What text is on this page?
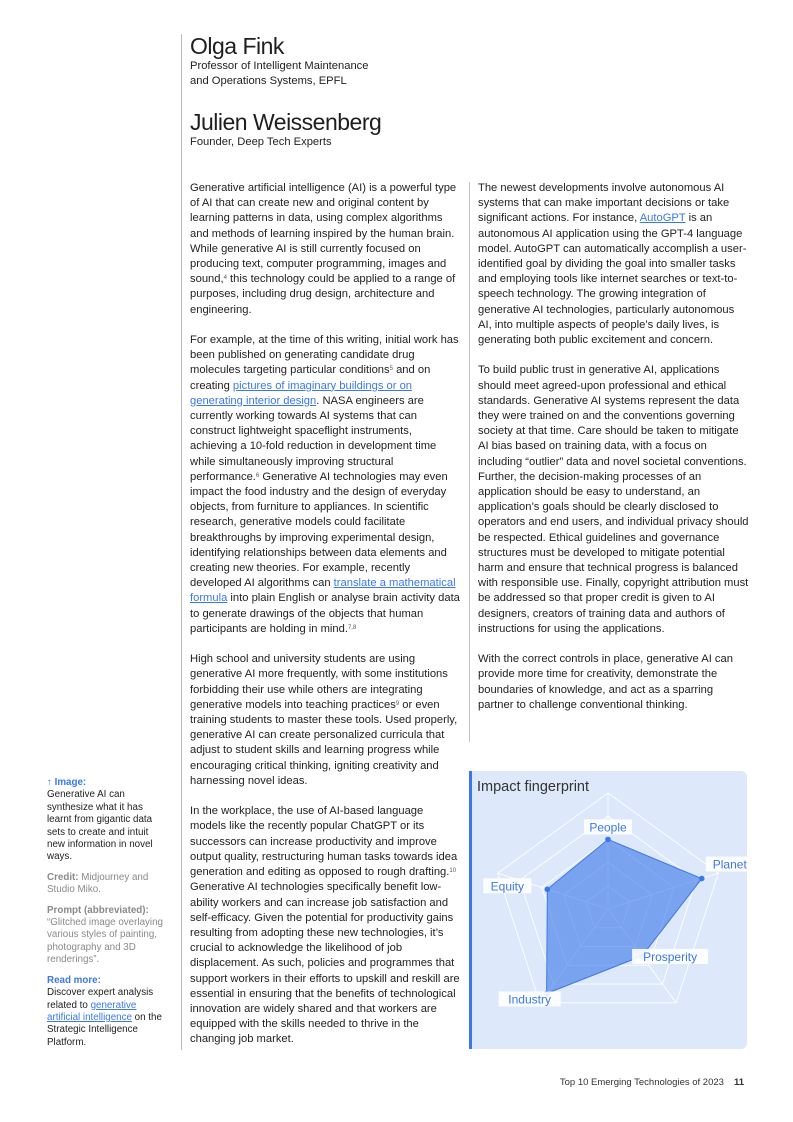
Olga Fink
Professor of Intelligent Maintenance
and Operations Systems, EPFL
Julien Weissenberg
Founder, Deep Tech Experts

Generative artificial intelligence (AI) is a powerful type of AI that can create new and original content by learning patterns in data, using complex algorithms and methods of learning inspired by the human brain. While generative AI is still currently focused on producing text, computer programming, images and sound,$^4$ this technology could be applied to a range of purposes, including drug design, architecture and engineering.

For example, at the time of this writing, initial work has been published on generating candidate drug molecules targeting particular conditions$^5$ and on creating pictures of imaginary buildings or on generating interior design. NASA engineers are currently working towards AI systems that can construct lightweight spaceflight instruments, achieving a 10-fold reduction in development time while simultaneously improving structural performance.$^6$ Generative AI technologies may even impact the food industry and the design of everyday objects, from furniture to appliances. In scientific research, generative models could facilitate breakthroughs by improving experimental design, identifying relationships between data elements and creating new theories. For example, recently developed AI algorithms can translate a mathematical formula into plain English or analyse brain activity data to generate drawings of the objects that human participants are holding in mind.$^{7,8}$

High school and university students are using generative AI more frequently, with some institutions forbidding their use while others are integrating generative models into teaching practices$^9$ or even training students to master these tools. Used properly, generative AI can create personalized curricula that adjust to student skills and learning progress while encouraging critical thinking, igniting creativity and harnessing novel ideas.

In the workplace, the use of AI-based language models like the recently popular ChatGPT or its successors can increase productivity and improve output quality, restructuring human tasks towards idea generation and editing as opposed to rough drafting.$^{10}$ Generative AI technologies specifically benefit low-ability workers and can increase job satisfaction and self-efficacy. Given the potential for productivity gains resulting from adopting these new technologies, it’s crucial to acknowledge the likelihood of job displacement. As such, policies and programmes that support workers in their efforts to upskill and reskill are essential in ensuring that the benefits of technological innovation are widely shared and that workers are equipped with the skills needed to thrive in the changing job market.

The newest developments involve autonomous AI systems that can make important decisions or take significant actions. For instance, AutoGPT is an autonomous AI application using the GPT-4 language model. AutoGPT can automatically accomplish a user-identified goal by dividing the goal into smaller tasks and employing tools like internet searches or text-to-speech technology. The growing integration of generative AI technologies, particularly autonomous AI, into multiple aspects of people’s daily lives, is generating both public excitement and concern.

To build public trust in generative AI, applications should meet agreed-upon professional and ethical standards. Generative AI systems represent the data they were trained on and the conventions governing society at that time. Care should be taken to mitigate AI bias based on training data, with a focus on including “outlier” data and novel societal conventions. Further, the decision-making processes of an application should be easy to understand, an application’s goals should be clearly disclosed to operators and end users, and individual privacy should be respected. Ethical guidelines and governance structures must be developed to mitigate potential harm and ensure that technical progress is balanced with responsible use. Finally, copyright attribution must be addressed so that proper credit is given to AI designers, creators of training data and authors of instructions for using the applications.

With the correct controls in place, generative AI can provide more time for creativity, demonstrate the boundaries of knowledge, and act as a sparring partner to challenge conventional thinking.

↑ Image:
Generative AI can synthesize what it has learnt from gigantic data sets to create and intuit new information in novel ways.
Credit: Midjourney and Studio Miko.
Prompt (abbreviated):
“Glitched image overlaying various styles of painting, photography and 3D renderings”.
Read more:
Discover expert analysis related to generative artificial intelligence on the Strategic Intelligence Platform.
Impact fingerprint
People
Planet
Prosperity
Industry
Equity
Top 10 Emerging Technologies of 2023 11
